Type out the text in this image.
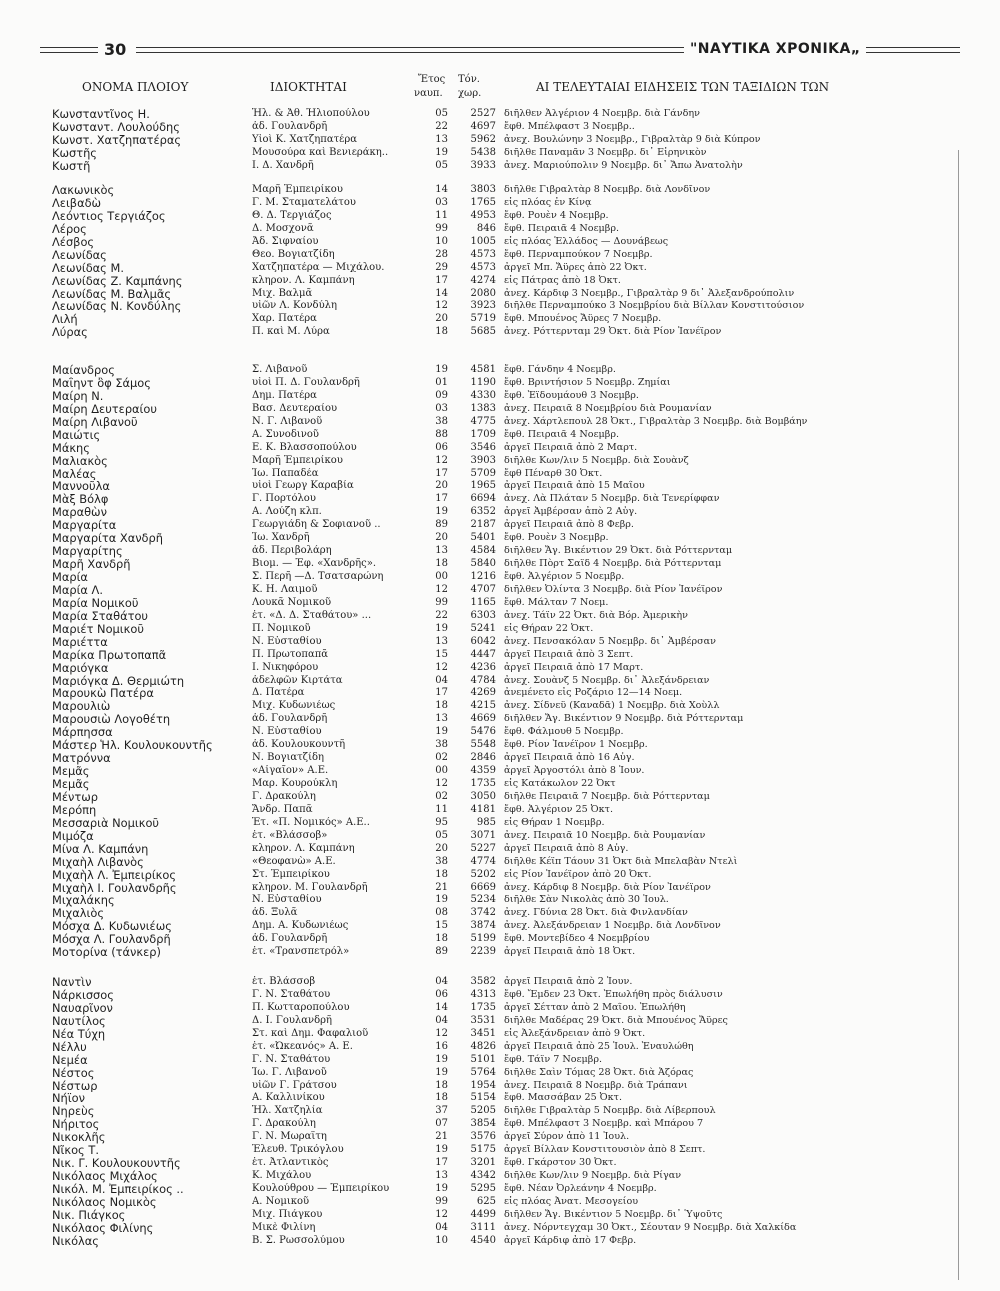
30	"ΝΑΥΤΙΚΑ ΧΡΟΝΙΚΑ„
ΟΝΟΜΑ ΠΛΟΙΟΥ	ΙΔΙΟΚΤΗΤΑΙ
Ἔτος
ναυπ.
Τόν.
χωρ.	ΑΙ ΤΕΛΕΥΤΑΙΑΙ ΕΙΔΗΣΕΙΣ ΤΩΝ ΤΑΞΙΔΙΩΝ ΤΩΝ
Κωνσταντῖνος Η.	Ἡλ. & Ἀθ. Ἠλιοπούλου	05	2527 διῆλθεν Ἀλγέριον 4 Νοεμβρ. διὰ Γάνδην
Κωνσταντ. Λουλούδης	ἀδ. Γουλανδρῆ	22	4697 ἔφθ. Μπέλφαστ 3 Νοεμβρ..
Κωνστ. Χατζηπατέρας	Υἱοὶ Κ. Χατζηπατέρα	13	5962 ἀνεχ. Βουλώνην 3 Νοεμβρ., Γιβραλτὰρ 9 διὰ Κύπρον
Κωστῆς	Μουσούρα καὶ Βενιεράκη..	19	5438 διῆλθε Παναμᾶν 3 Νοεμβρ. δι᾽ Εἰρηνικὸν
Κωστῆ	Ι. Δ. Χανδρῆ	05	3933 ἀνεχ. Μαριούπολιν 9 Νοεμβρ. δι᾽ Ἄπω Ἀνατολὴν
Λακωνικὸς	Μαρῆ Ἐμπειρίκου	14	3803 διῆλθε Γιβραλτὰρ 8 Νοεμβρ. διὰ Λονδῖνον
Λειβαδὼ	Γ. Μ. Σταματελάτου	03	1765 εἰς πλόας ἐν Κίνᾳ
Λεόντιος Τεργιάζος	Θ. Δ. Τεργιάζος	11	4953 ἔφθ. Ρουὲν 4 Νοεμβρ.
Λέρος	Δ. Μοσχονᾶ	99	846 ἔφθ. Πειραιᾶ 4 Νοεμβρ.
Λέσβος	Ἀδ. Σιφναίου	10	1005 εἰς πλόας Ἑλλάδος — Δουνάβεως
Λεωνίδας	Θεο. Βογιατζίδη	28	4573 ἔφθ. Περναμπούκον 7 Νοεμβρ.
Λεωνίδας Μ.	Χατζηπατέρα — Μιχάλου.	29	4573 ἀργεῖ Μπ. Ἄϋρες ἀπὸ 22 Ὀκτ.
Λεωνίδας Ζ. Καμπάνης	κληρον. Λ. Καμπάνη	17	4274 εἰς Πάτρας ἀπὸ 18 Ὀκτ.
Λεωνίδας Μ. Βαλμᾶς	Μιχ. Βαλμᾶ	14	2080 ἀνεχ. Κάρδιφ 3 Νοεμβρ., Γιβραλτὰρ 9 δι᾽ Ἀλεξανδρούπολιν
Λεωνίδας Ν. Κονδύλης	υἱῶν Λ. Κονδύλη	12	3923 διῆλθε Περναμπούκο 3 Νοεμβρίου διὰ Βίλλαν Κονστιτούσιον
Λιλή	Χαρ. Πατέρα	20	5719 ἔφθ. Μπουένος Ἄϋρες 7 Νοεμβρ.
Λύρας	Π. καὶ Μ. Λύρα	18	5685 ἀνεχ. Ρόττερνταμ 29 Ὀκτ. διὰ Ρίον Ἰανέϊρον
Μαίανδρος	Σ. Λιβανοῦ	19	4581 ἔφθ. Γάνδην 4 Νοεμβρ.
Μαΐηντ ὂφ Σάμος	υἱοὶ Π. Δ. Γουλανδρῆ	01	1190 ἔφθ. Βριντήσιον 5 Νοεμβρ. Ζημίαι
Μαίρη Ν.	Δημ. Πατέρα	09	4330 ἔφθ. Ἐϊδουμάουθ 3 Νοεμβρ.
Μαίρη Δευτεραίου	Βασ. Δευτεραίου	03	1383 ἀνεχ. Πειραιᾶ 8 Νοεμβρίου διὰ Ρουμανίαν
Μαίρη Λιβανοῦ	Ν. Γ. Λιβανοῦ	38	4775 ἀνεχ. Χάρτλεπουλ 28 Ὀκτ., Γιβραλτὰρ 3 Νοεμβρ. διὰ Βομβάην
Μαιώτις	Α. Συνοδινοῦ	88	1709 ἔφθ. Πειραιᾶ 4 Νοεμβρ.
Μάκης	Ε. Κ. Βλασσοπούλου	06	3546 ἀργεῖ Πειραιᾶ ἀπὸ 2 Μαρτ.
Μαλιακὸς	Μαρῆ Ἐμπειρίκου	12	3903 διῆλθε Κων/λιν 5 Νοεμβρ. διὰ Σουὰνζ
Μαλέας	Ἰω. Παπαδέα	17	5709 ἔφθ Πέναρθ 30 Ὀκτ.
Μαννοῦλα	υἱοὶ Γεωργ Καραβία	20	1965 ἀργεῖ Πειραιᾶ ἀπὸ 15 Μαΐου
Μὰξ Βόλφ	Γ. Πορτόλου	17	6694 ἀνεχ. Λὰ Πλάταν 5 Νοεμβρ. διὰ Τενερίφφαν
Μαραθὼν	Α. Λούζη κλπ.	19	6352 ἀργεῖ Ἀμβέρσαν ἀπὸ 2 Αὐγ.
Μαργαρίτα	Γεωργιάδη & Σοφιανοῦ ..	89	2187 ἀργεῖ Πειραιᾶ ἀπὸ 8 Φεβρ.
Μαργαρίτα Χανδρῆ	Ἰω. Χανδρῆ	20	5401 ἔφθ. Ρουὲν 3 Νοεμβρ.
Μαργαρίτης	ἀδ. Περιβολάρη	13	4584 διῆλθεν Ἄγ. Βικέντιον 29 Ὀκτ. διὰ Ρόττερνταμ
Μαρῆ Χανδρῆ	Βιομ. — Ἐφ. «Χανδρῆς».	18	5840 διῆλθε Πὸρτ Σαϊδ 4 Νοεμβρ. διὰ Ρόττερνταμ
Μαρία	Σ. Περῆ —Δ. Τσατσαρώνη	00	1216 ἔφθ. Ἀλγέριον 5 Νοεμβρ.
Μαρία Λ.	Κ. Η. Λαιμοῦ	12	4707 διῆλθεν Ὀλίντα 3 Νοεμβρ. διὰ Ρίον Ἰανέϊρον
Μαρία Νομικοῦ	Λουκᾶ Νομικοῦ	99	1165 ἔφθ. Μάλταν 7 Νοεμ.
Μαρία Σταθάτου	ἑτ. «Δ. Δ. Σταθάτου» ...	22	6303 ἀνεχ. Τάϊν 22 Ὀκτ. διὰ Βόρ. Ἀμερικὴν
Μαριέτ Νομικοῦ	Π. Νομικοῦ	19	5241 εἰς Θήραν 22 Ὀκτ.
Μαριέττα	Ν. Εὐσταθίου	13	6042 ἀνεχ. Πενσακόλαν 5 Νοεμβρ. δι᾽ Ἀμβέρσαν
Μαρίκα Πρωτοπαπᾶ	Π. Πρωτοπαπᾶ	15	4447 ἀργεῖ Πειραιᾶ ἀπὸ 3 Σεπτ.
Μαριόγκα	Ι. Νικηφόρου	12	4236 ἀργεῖ Πειραιᾶ ἀπὸ 17 Μαρτ.
Μαριόγκα Δ. Θερμιώτη	ἀδελφῶν Κιρτάτα	04	4784 ἀνεχ. Σουὰνζ 5 Νοεμβρ. δι᾽ Ἀλεξάνδρειαν
Μαρουκὼ Πατέρα	Δ. Πατέρα	17	4269 ἀνεμένετο εἰς Ροζάριο 12—14 Νοεμ.
Μαρουλιὼ	Μιχ. Κυδωνιέως	18	4215 ἀνεχ. Σίδνεϋ (Καναδᾶ) 1 Νοεμβρ. διὰ Χοὺλλ
Μαρουσιὼ Λογοθέτη	ἀδ. Γουλανδρῆ	13	4669 διῆλθεν Ἄγ. Βικέντιον 9 Νοεμβρ. διὰ Ρόττερνταμ
Μάρπησσα	Ν. Εὐσταθίου	19	5476 ἔφθ. Φάλμουθ 5 Νοεμβρ.
Μάστερ Ἡλ. Κουλουκουντῆς	ἀδ. Κουλουκουντῆ	38	5548 ἔφθ. Ρίον Ἰανέϊρον 1 Νοεμβρ.
Ματρόννα	Ν. Βογιατζίδη	02	2846 ἀργεῖ Πειραιᾶ ἀπὸ 16 Αὐγ.
Μεμᾶς	«Αἰγαῖον» Α.Ε.	00	4359 ἀργεῖ Ἀργοστόλι ἀπὸ 8 Ἰουν.
Μεμᾶς	Μαρ. Κουρούκλη	12	1735 εἰς Κατάκωλον 22 Ὀκτ
Μέντωρ	Γ. Δρακούλη	02	3050 διῆλθε Πειραιᾶ 7 Νοεμβρ. διὰ Ρόττερνταμ
Μερόπη	Ἄνδρ. Παπᾶ	11	4181 ἔφθ. Ἀλγέριον 25 Ὀκτ.
Μεσσαριὰ Νομικοῦ	Ἑτ. «Π. Νομικός» Α.Ε..	95	985 εἰς Θήραν 1 Νοεμβρ.
Μιμόζα	ἑτ. «Βλάσσοβ»	05	3071 ἀνεχ. Πειραιᾶ 10 Νοεμβρ. διὰ Ρουμανίαν
Μίνα Λ. Καμπάνη	κληρον. Λ. Καμπάνη	20	5227 ἀργεῖ Πειραιᾶ ἀπὸ 8 Αὐγ.
Μιχαὴλ Λιβανὸς	«Θεοφανὼ» Α.Ε.	38	4774 διῆλθε Κέϊπ Τάουν 31 Ὀκτ διὰ Μπελαβὰν Ντελὶ
Μιχαὴλ Λ. Ἐμπειρίκος	Στ. Ἐμπειρίκου	18	5202 εἰς Ρίον Ἰανέϊρον ἀπὸ 20 Ὀκτ.
Μιχαὴλ Ι. Γουλανδρῆς	κληρον. Μ. Γουλανδρῆ	21	6669 ἀνεχ. Κάρδιφ 8 Νοεμβρ. διὰ Ρίον Ἰανέϊρον
Μιχαλάκης	Ν. Εὐσταθίου	19	5234 διῆλθε Σὰν Νικολὰς ἀπὸ 30 Ἰουλ.
Μιχαλιὸς	ἀδ. Ξυλᾶ	08	3742 ἀνεχ. Γδύνια 28 Ὀκτ. διὰ Φινλανδίαν
Μόσχα Δ. Κυδωνιέως	Δημ. Α. Κυδωνιέως	15	3874 ἀνεχ. Ἀλεξάνδρειαν 1 Νοεμβρ. διὰ Λονδῖνον
Μόσχα Λ. Γουλανδρῆ	ἀδ. Γουλανδρῆ	18	5199 ἔφθ. Μοντεβίδεο 4 Νοεμβρίου
Μοτορίνα (τάνκερ)	ἑτ. «Τρανσπετρόλ»	89	2239 ἀργεῖ Πειραιᾶ ἀπὸ 18 Ὀκτ.
Ναντὶν	ἑτ. Βλάσσοβ	04	3582 ἀργεῖ Πειραιᾶ ἀπὸ 2 Ἰουν.
Νάρκισσος	Γ. Ν. Σταθάτου	06	4313 ἔφθ. Ἔμδεν 23 Ὀκτ. Ἐπωλήθη πρὸς διάλυσιν
Ναυαρῖνον	Π. Κωτταροπούλου	14	1735 ἀργεῖ Σέτταν ἀπὸ 2 Μαΐου. Ἐπωλήθη
Ναυτίλος	Δ. Ι. Γουλανδρῆ	04	3531 διῆλθε Μαδέρας 29 Ὀκτ. διὰ Μπουένος Ἄϋρες
Νέα Τύχη	Στ. καὶ Δημ. Φαφαλιοῦ	12	3451 εἰς Ἀλεξάνδρειαν ἀπὸ 9 Ὀκτ.
Νέλλυ	ἑτ. «Ὠκεανός» Α. Ε.	16	4826 ἀργεῖ Πειραιᾶ ἀπὸ 25 Ἰουλ. Ἐναυλώθη
Νεμέα	Γ. Ν. Σταθάτου	19	5101 ἔφθ. Τάϊν 7 Νοεμβρ.
Νέστος	Ἰω. Γ. Λιβανοῦ	19	5764 διῆλθε Σαὶν Τόμας 28 Ὀκτ. διὰ Ἀζόρας
Νέστωρ	υἱῶν Γ. Γράτσου	18	1954 ἀνεχ. Πειραιᾶ 8 Νοεμβρ. διὰ Τράπανι
Νήϊον	Α. Καλλινίκου	18	5154 ἔφθ. Μασσάβαν 25 Ὀκτ.
Νηρεὺς	Ἡλ. Χατζηλία	37	5205 διῆλθε Γιβραλτὰρ 5 Νοεμβρ. διὰ Λίβερπουλ
Νήριτος	Γ. Δρακούλη	07	3854 ἔφθ. Μπέλφαστ 3 Νοεμβρ. καὶ Μπάρου 7
Νικοκλῆς	Γ. Ν. Μωραΐτη	21	3576 ἀργεῖ Σύρον ἀπὸ 11 Ἰουλ.
Νῖκος Τ.	Ἐλευθ. Τρικόγλου	19	5175 ἀργεῖ Βίλλαν Κονστιτουσιὸν ἀπὸ 8 Σεπτ.
Νικ. Γ. Κουλουκουντῆς	ἑτ. Ἀτλαντικὸς	17	3201 ἔφθ. Γκάρστον 30 Ὀκτ.
Νικόλαος Μιχάλος	Κ. Μιχάλου	13	4342 διῆλθε Κων/λιν 9 Νοεμβρ. διὰ Ρίγαν
Νικόλ. Μ. Ἐμπειρίκος ..	Κουλούθρου — Ἐμπειρίκου	19	5295 ἔφθ. Νέαν Ὀρλεάνην 4 Νοεμβρ.
Νικόλαος Νομικὸς	Α. Νομικοῦ	99	625 εἰς πλόας Ἀνατ. Μεσογείου
Νικ. Πιάγκος	Μιχ. Πιάγκου	12	4499 διῆλθεν Ἄγ. Βικέντιον 5 Νοεμβρ. δι᾽ Ὑψοῦτς
Νικόλαος Φιλίνης	Μικὲ Φιλίνη	04	3111 ἀνεχ. Νόρντεγχαμ 30 Ὀκτ., Σέουταν 9 Νοεμβρ. διὰ Χαλκίδα
Νικόλας	Β. Σ. Ρωσσολύμου	10	4540 ἀργεῖ Κάρδιφ ἀπὸ 17 Φεβρ.
